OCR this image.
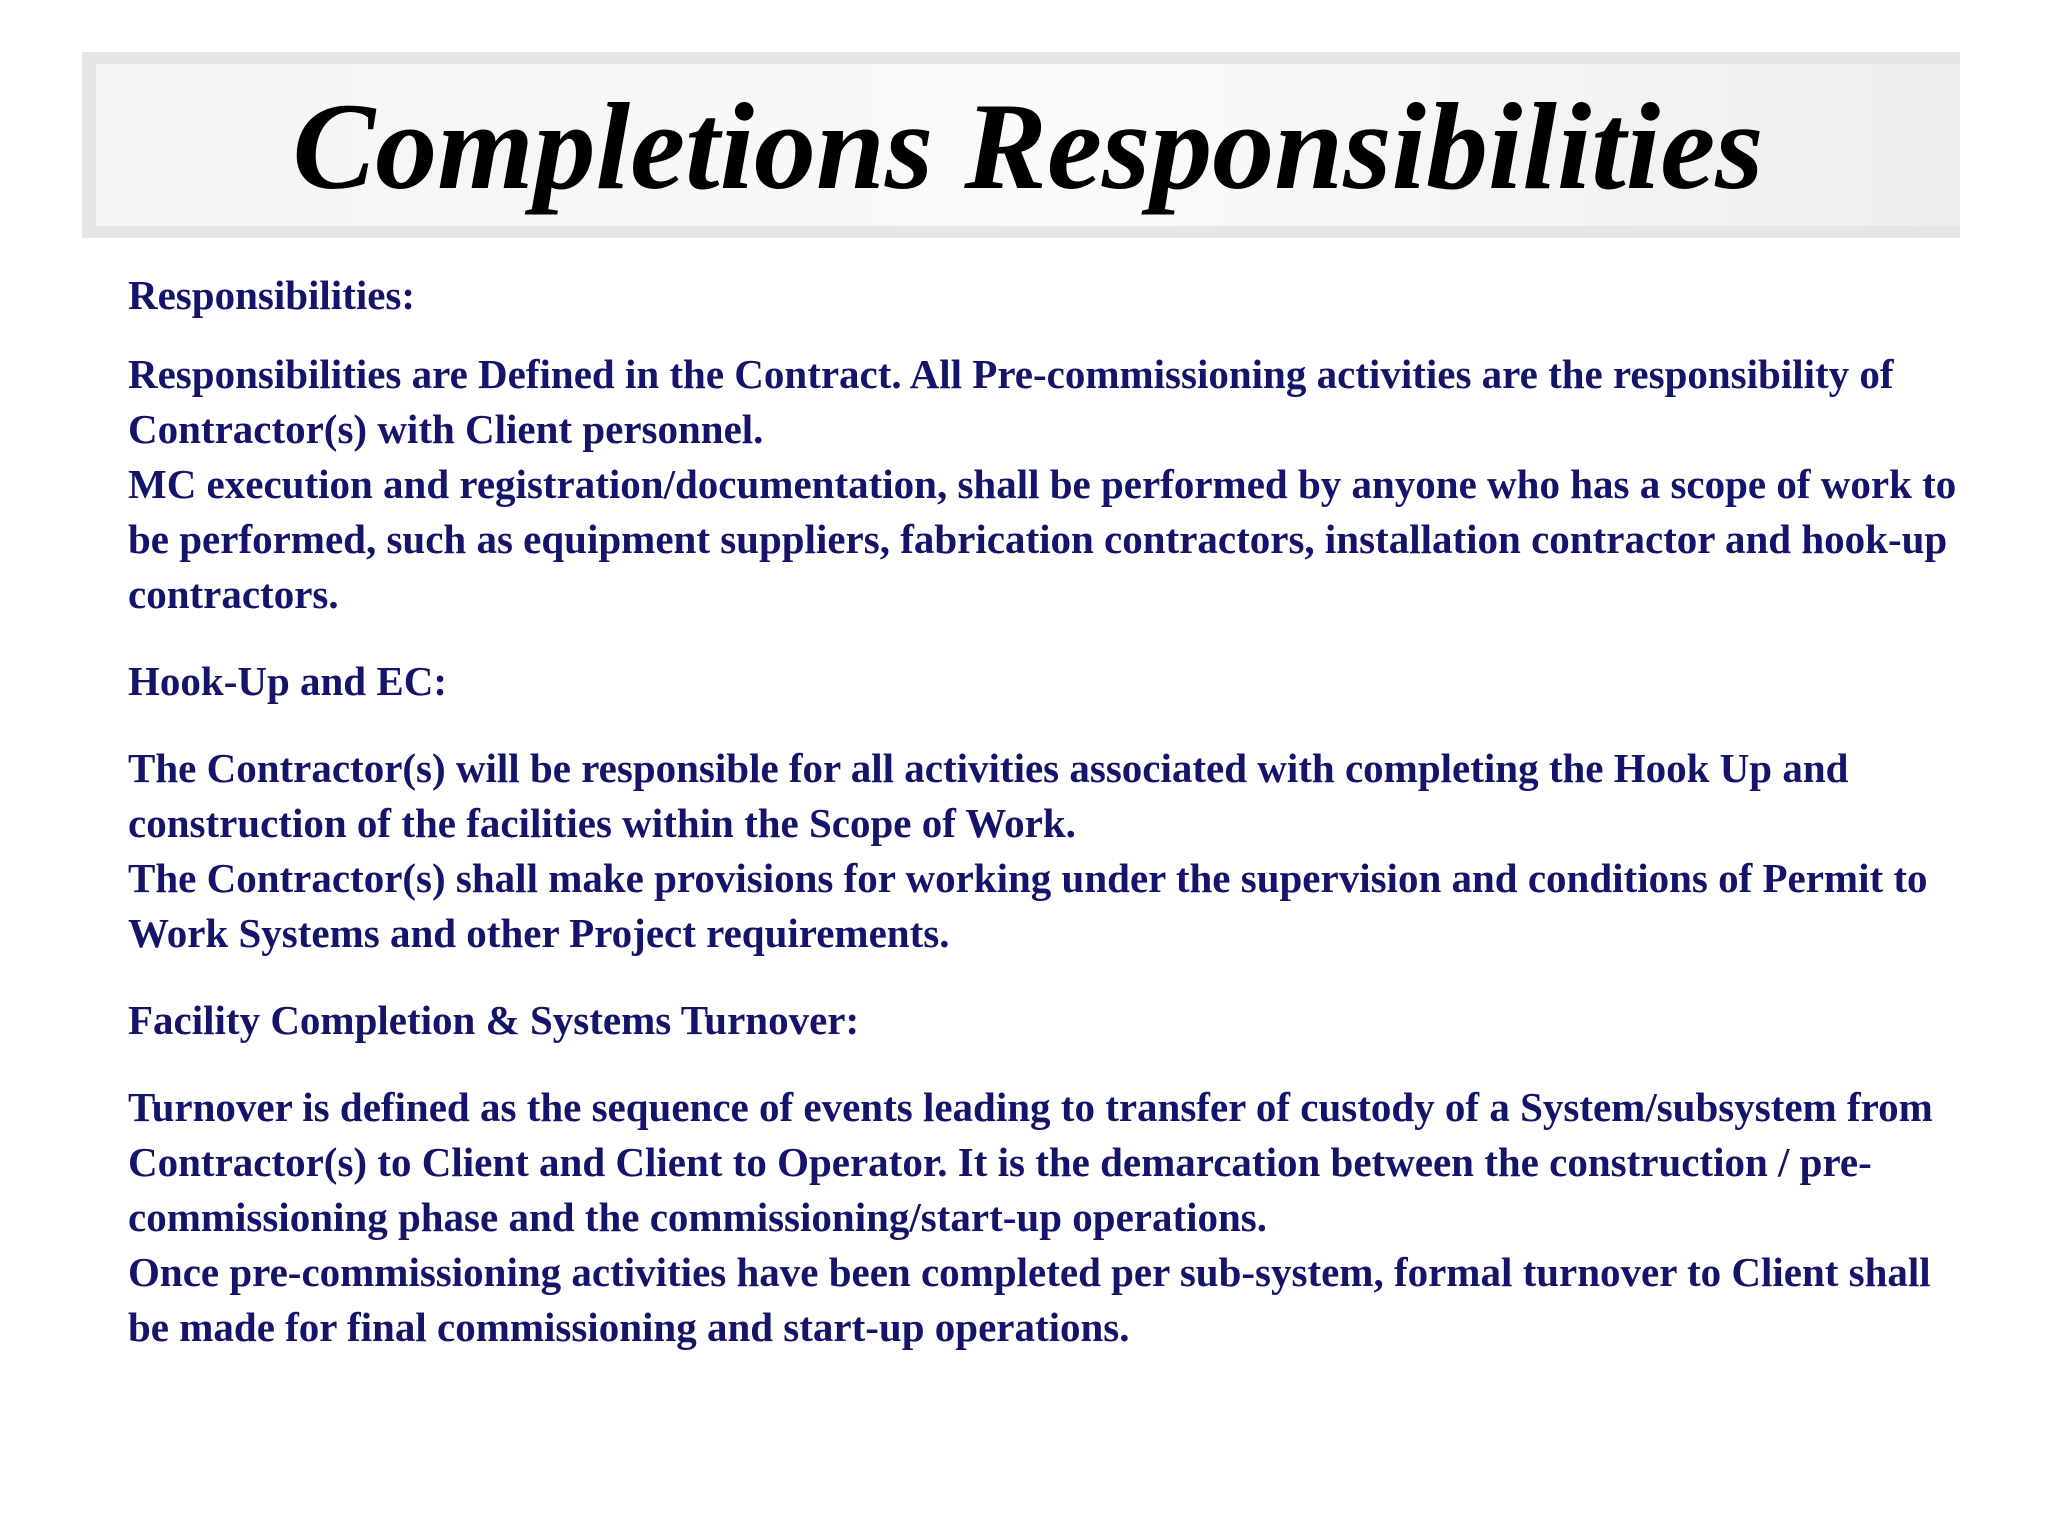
Completions Responsibilities
Responsibilities:

Responsibilities are Defined in the Contract. All Pre-commissioning activities are the responsibility of Contractor(s) with Client personnel.

MC execution and registration/documentation, shall be performed by anyone who has a scope of work to be performed, such as equipment suppliers, fabrication contractors, installation contractor and hook-up contractors.

Hook-Up and EC:

The Contractor(s) will be responsible for all activities associated with completing the Hook Up and construction of the facilities within the Scope of Work.

The Contractor(s) shall make provisions for working under the supervision and conditions of Permit to Work Systems and other Project requirements.

Facility Completion & Systems Turnover:

Turnover is defined as the sequence of events leading to transfer of custody of a System/subsystem from Contractor(s) to Client and Client to Operator. It is the demarcation between the construction / pre-commissioning phase and the commissioning/start-up operations.

Once pre-commissioning activities have been completed per sub-system, formal turnover to Client shall be made for final commissioning and start-up operations.
